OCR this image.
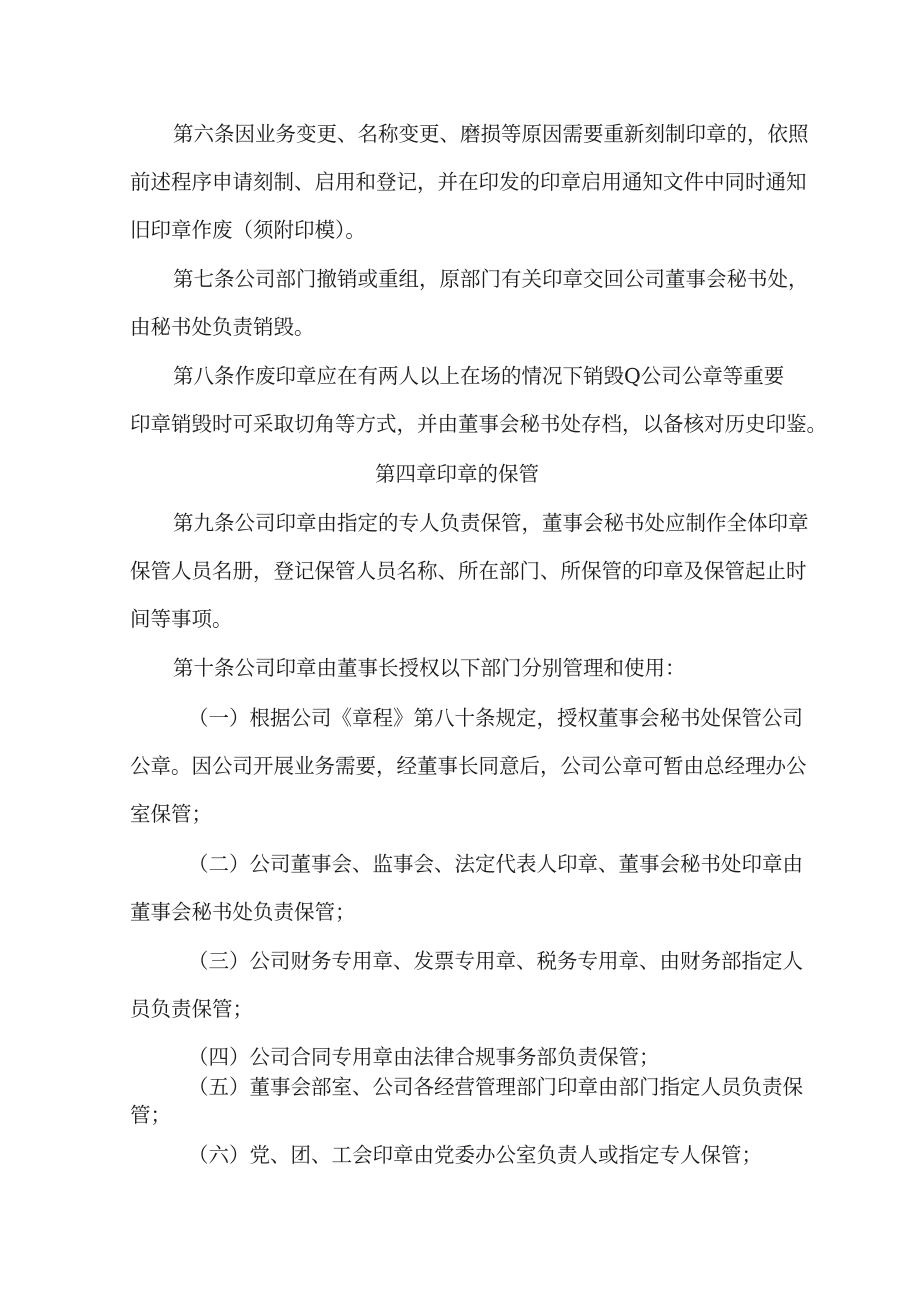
第六条因业务变更、名称变更、磨损等原因需要重新刻制印章的，依照
前述程序申请刻制、启用和登记，并在印发的印章启用通知文件中同时通知
旧印章作废（须附印模）。
第七条公司部门撤销或重组，原部门有关印章交回公司董事会秘书处，
由秘书处负责销毁。
第八条作废印章应在有两人以上在场的情况下销毁Q公司公章等重要
印章销毁时可采取切角等方式，并由董事会秘书处存档，以备核对历史印鉴。
第四章印章的保管
第九条公司印章由指定的专人负责保管，董事会秘书处应制作全体印章
保管人员名册，登记保管人员名称、所在部门、所保管的印章及保管起止时
间等事项。
第十条公司印章由董事长授权以下部门分别管理和使用：
（一）根据公司《章程》第八十条规定，授权董事会秘书处保管公司
公章。因公司开展业务需要，经董事长同意后，公司公章可暂由总经理办公
室保管；
（二）公司董事会、监事会、法定代表人印章、董事会秘书处印章由
董事会秘书处负责保管；
（三）公司财务专用章、发票专用章、税务专用章、由财务部指定人
员负责保管；
（四）公司合同专用章由法律合规事务部负责保管；
（五）董事会部室、公司各经营管理部门印章由部门指定人员负责保
管；
（六）党、团、工会印章由党委办公室负责人或指定专人保管；
